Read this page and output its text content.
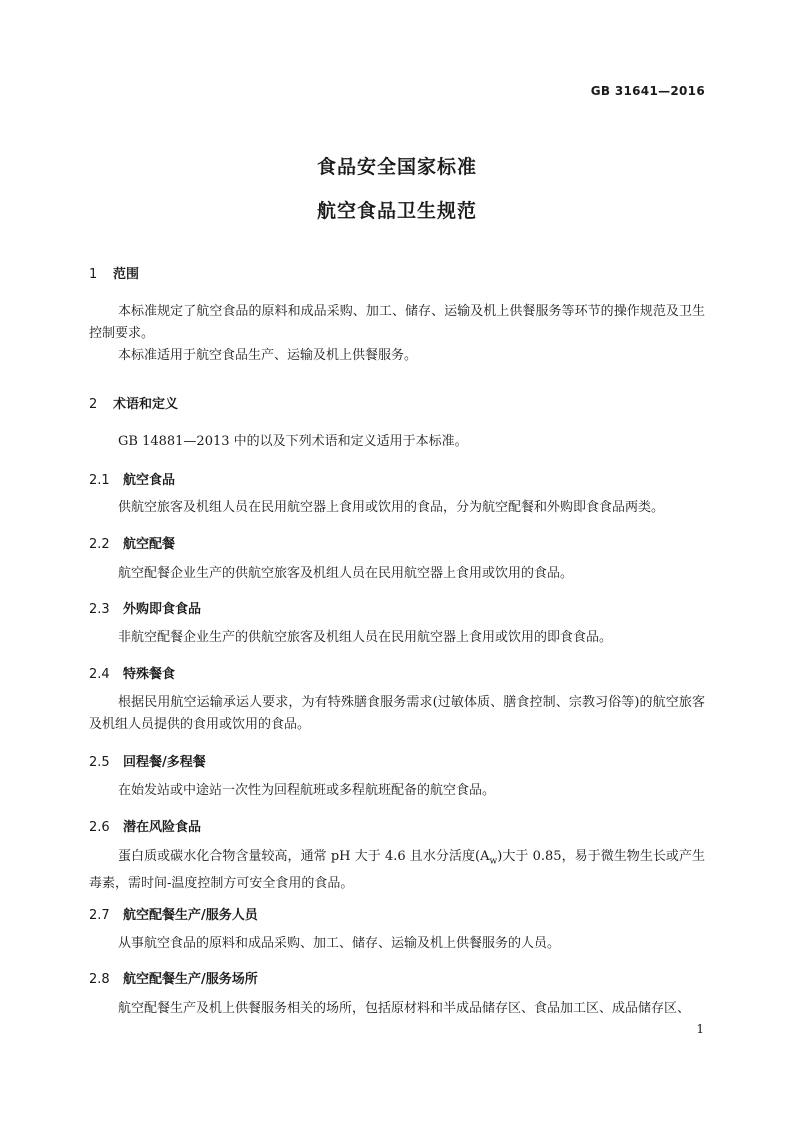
GB 31641—2016
食品安全国家标准
航空食品卫生规范
1 范围
本标准规定了航空食品的原料和成品采购、加工、储存、运输及机上供餐服务等环节的操作规范及卫生控制要求。
本标准适用于航空食品生产、运输及机上供餐服务。
2 术语和定义
GB 14881—2013 中的以及下列术语和定义适用于本标准。
2.1 航空食品
供航空旅客及机组人员在民用航空器上食用或饮用的食品，分为航空配餐和外购即食食品两类。
2.2 航空配餐
航空配餐企业生产的供航空旅客及机组人员在民用航空器上食用或饮用的食品。
2.3 外购即食食品
非航空配餐企业生产的供航空旅客及机组人员在民用航空器上食用或饮用的即食食品。
2.4 特殊餐食
根据民用航空运输承运人要求，为有特殊膳食服务需求(过敏体质、膳食控制、宗教习俗等)的航空旅客及机组人员提供的食用或饮用的食品。
2.5 回程餐/多程餐
在始发站或中途站一次性为回程航班或多程航班配备的航空食品。
2.6 潜在风险食品
蛋白质或碳水化合物含量较高，通常 pH 大于 4.6 且水分活度$(A_w)$大于 0.85，易于微生物生长或产生毒素，需时间-温度控制方可安全食用的食品。
2.7 航空配餐生产/服务人员
从事航空食品的原料和成品采购、加工、储存、运输及机上供餐服务的人员。
2.8 航空配餐生产/服务场所
航空配餐生产及机上供餐服务相关的场所，包括原材料和半成品储存区、食品加工区、成品储存区、
1
